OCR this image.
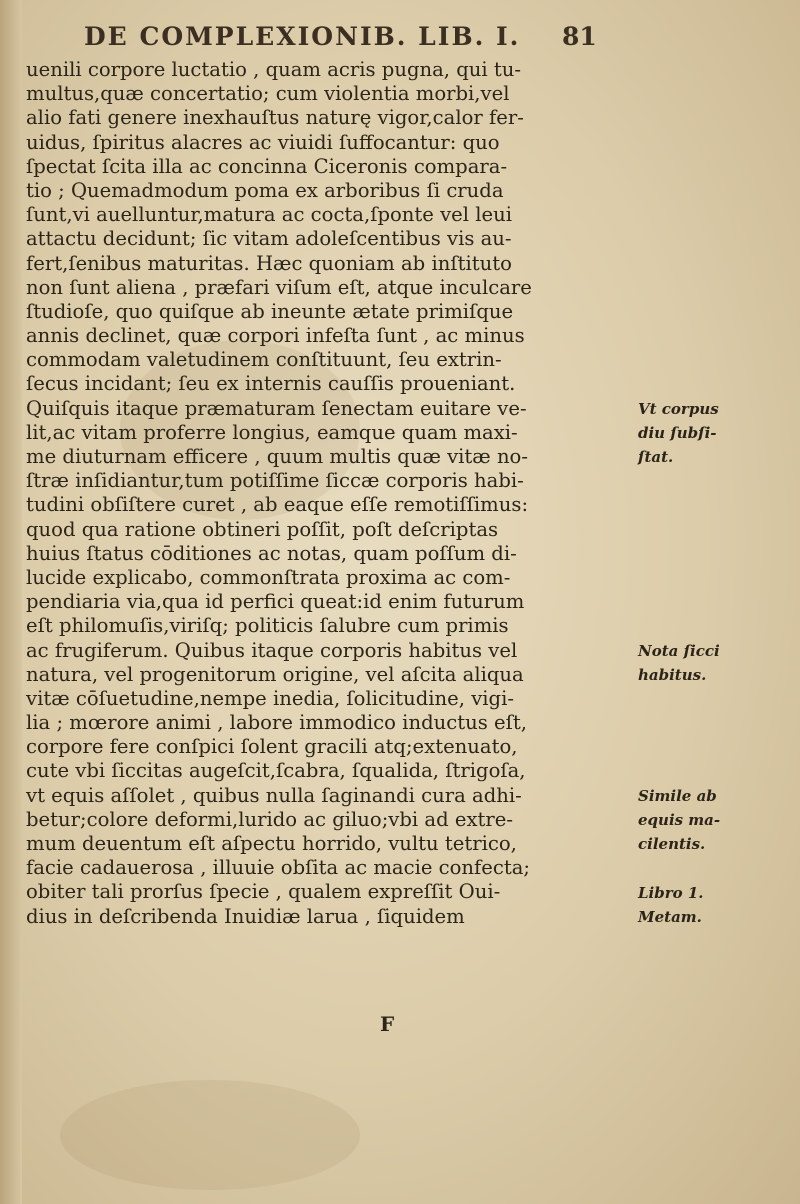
DE COMPLEXIONIB. LIB. I. 81
uenili corpore luctatio , quam acris pugna, qui tu-
multus,quæ concertatio; cum violentia morbi,vel
alio fati genere inexhauſtus naturę vigor,calor fer-
uidus, ſpiritus alacres ac viuidi ſuffocantur: quo
ſpectat ſcita illa ac concinna Ciceronis compara-
tio ; Quemadmodum poma ex arboribus ſi cruda
ſunt,vi auelluntur,matura ac cocta,ſponte vel leui
attactu decidunt; ſic vitam adoleſcentibus vis au-
fert,ſenibus maturitas. Hæc quoniam ab inſtituto
non ſunt aliena , præfari viſum eſt, atque inculcare
ſtudioſe, quo quiſque ab ineunte ætate primiſque
annis declinet, quæ corpori infeſta ſunt , ac minus
commodam valetudinem conſtituunt, ſeu extrin-
ſecus incidant; ſeu ex internis cauſſis proueniant.
Quiſquis itaque præmaturam ſenectam euitare ve-
lit,ac vitam proferre longius, eamque quam maxi-
me diuturnam efficere , quum multis quæ vitæ no-
ſtræ inſidiantur,tum potiſſime ſiccæ corporis habi-
tudini obſiſtere curet , ab eaque eſſe remotiſſimus:
quod qua ratione obtineri poſſit, poſt deſcriptas
huius ſtatus cōditiones ac notas, quam poſſum di-
lucide explicabo, commonſtrata proxima ac com-
pendiaria via,qua id perfici queat:id enim futurum
eſt philomuſis,viriſq; politicis ſalubre cum primis
ac frugiferum. Quibus itaque corporis habitus vel
natura, vel progenitorum origine, vel aſcita aliqua
vitæ cōſuetudine,nempe inedia, ſolicitudine, vigi-
lia ; mœrore animi , labore immodico inductus eſt,
corpore fere conſpici ſolent gracili atq;extenuato,
cute vbi ſiccitas augeſcit,ſcabra, ſqualida, ſtrigoſa,
vt equis aſſolet , quibus nulla ſaginandi cura adhi-
betur;colore deformi,lurido ac giluo;vbi ad extre-
mum deuentum eſt aſpectu horrido, vultu tetrico,
facie cadauerosa , illuuie obſita ac macie confecta;
obiter tali prorſus ſpecie , qualem expreſſit Oui-
dius in deſcribenda Inuidiæ larua , ſiquidem
Vt corpus
diu ſubſi-
ſtat.
Nota ſicci
habitus.
Simile ab
equis ma-
cilentis.
Libro 1.
Metam.
F
